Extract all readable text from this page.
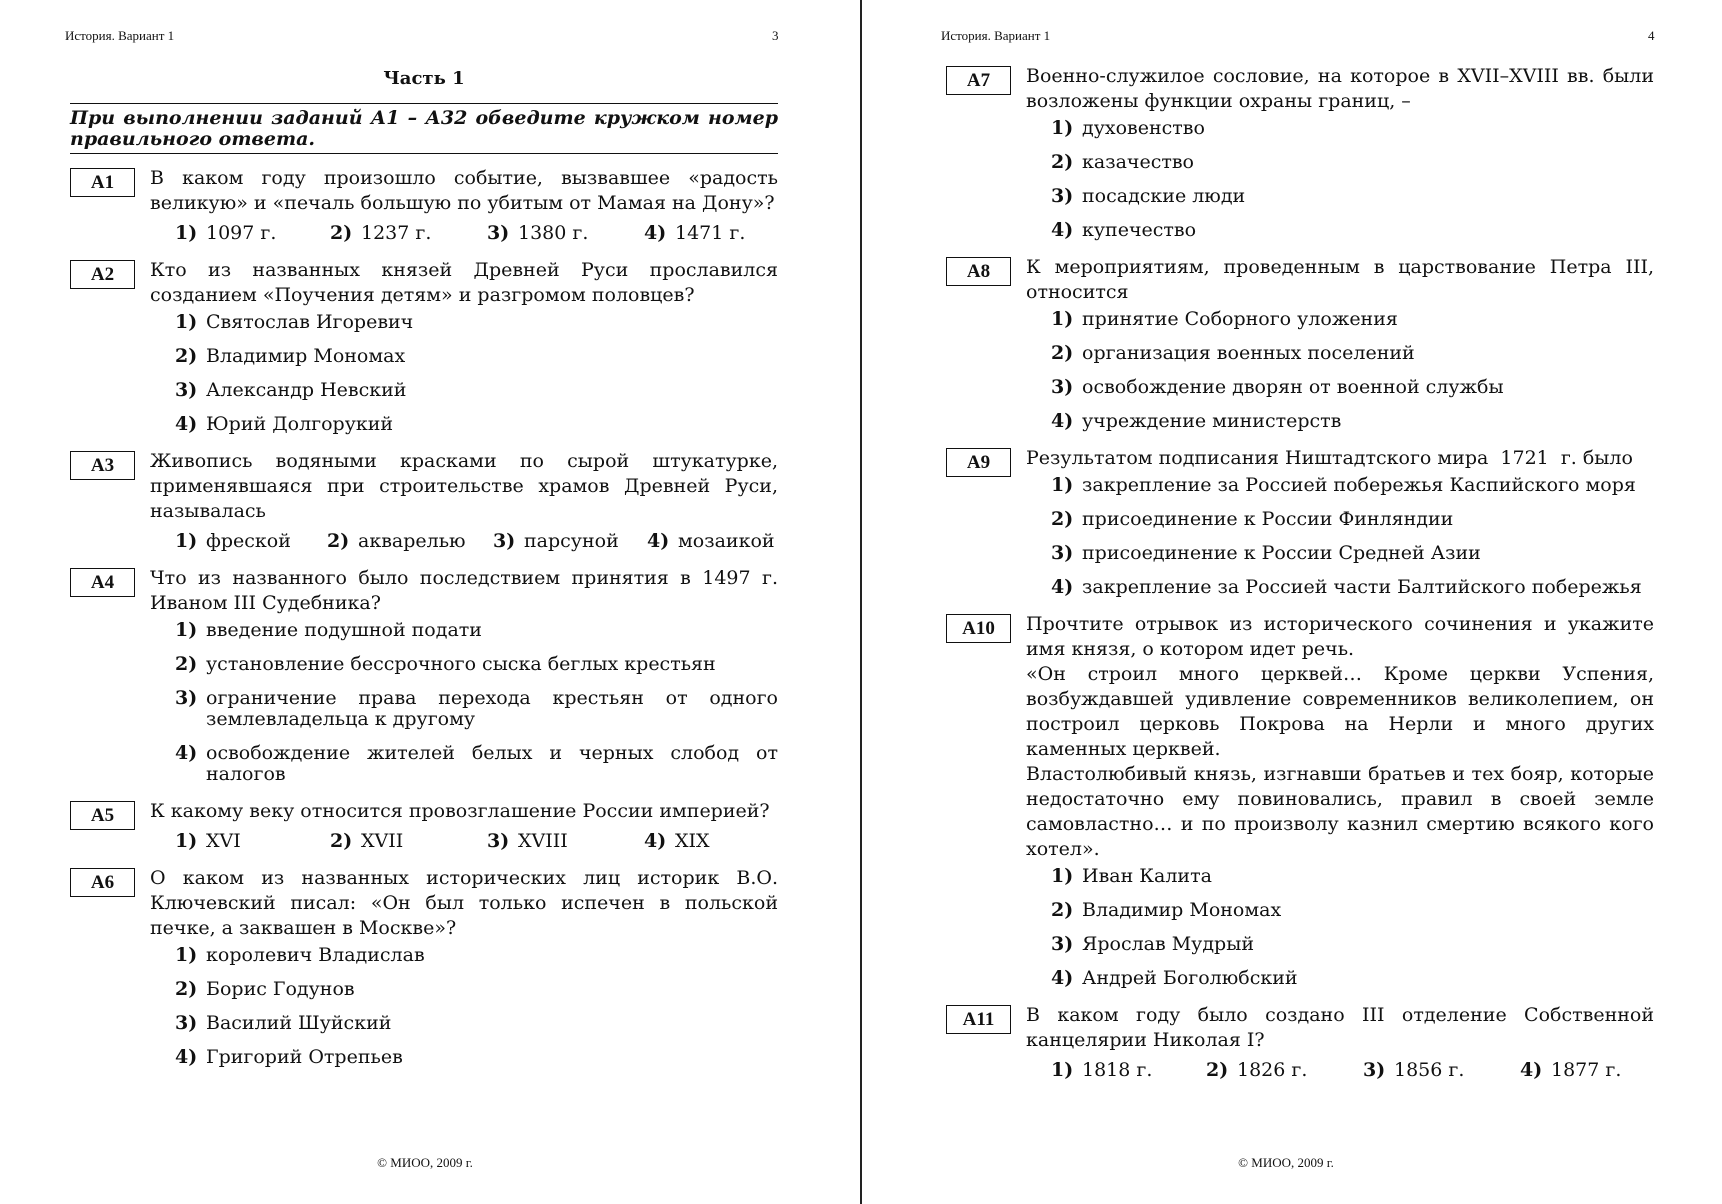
История. Вариант 1	3
Часть 1
При выполнении заданий А1 – А32 обведите кружком номер правильного ответа.
А1	В каком году произошло событие, вызвавшее «радость великую» и «печаль большую по убитым от Мамая на Дону»?
1) 1097 г.	2) 1237 г.	3) 1380 г.	4) 1471 г.
А2	Кто из названных князей Древней Руси прославился созданием «Поучения детям» и разгромом половцев?
1) Святослав Игоревич
2) Владимир Мономах
3) Александр Невский
4) Юрий Долгорукий
А3	Живопись водяными красками по сырой штукатурке, применявшаяся при строительстве храмов Древней Руси, называлась
1) фреской 2) акварелью 3) парсуной 4) мозаикой
А4	Что из названного было последствием принятия в 1497 г. Иваном III Судебника?
1) введение подушной подати
2) установление бессрочного сыска беглых крестьян
3) ограничение права перехода крестьян от одного землевладельца к другому
4) освобождение жителей белых и черных слобод от налогов
А5	К какому веку относится провозглашение России империей?
1) XVI	2) XVII	3) XVIII	4) XIX
А6	О каком из названных исторических лиц историк В.О. Ключевский писал: «Он был только испечен в польской печке, а заквашен в Москве»?
1) королевич Владислав
2) Борис Годунов
3) Василий Шуйский
4) Григорий Отрепьев
© МИОО, 2009 г.
История. Вариант 1	4
А7	Военно-служилое сословие, на которое в XVII–XVIII вв. были возложены функции охраны границ, –
1) духовенство
2) казачество
3) посадские люди
4) купечество
А8	К мероприятиям, проведенным в царствование Петра III, относится
1) принятие Соборного уложения
2) организация военных поселений
3) освобождение дворян от военной службы
4) учреждение министерств
А9	Результатом подписания Ништадтского мира  1721  г. было
1) закрепление за Россией побережья Каспийского моря
2) присоединение к России Финляндии
3) присоединение к России Средней Азии
4) закрепление за Россией части Балтийского побережья
А10	Прочтите отрывок из исторического сочинения и укажите имя князя, о котором идет речь.

«Он строил много церквей… Кроме церкви Успения, возбуждавшей удивление современников великолепием, он построил церковь Покрова на Нерли и много других каменных церквей.

Властолюбивый князь, изгнавши братьев и тех бояр, которые недостаточно ему повиновались, правил в своей земле самовластно… и по произволу казнил смертию всякого кого хотел».

1) Иван Калита
2) Владимир Мономах
3) Ярослав Мудрый
4) Андрей Боголюбский
А11	В каком году было создано III отделение Собственной канцелярии Николая I?
1) 1818 г.	2) 1826 г.	3) 1856 г.	4) 1877 г.
© МИОО, 2009 г.
